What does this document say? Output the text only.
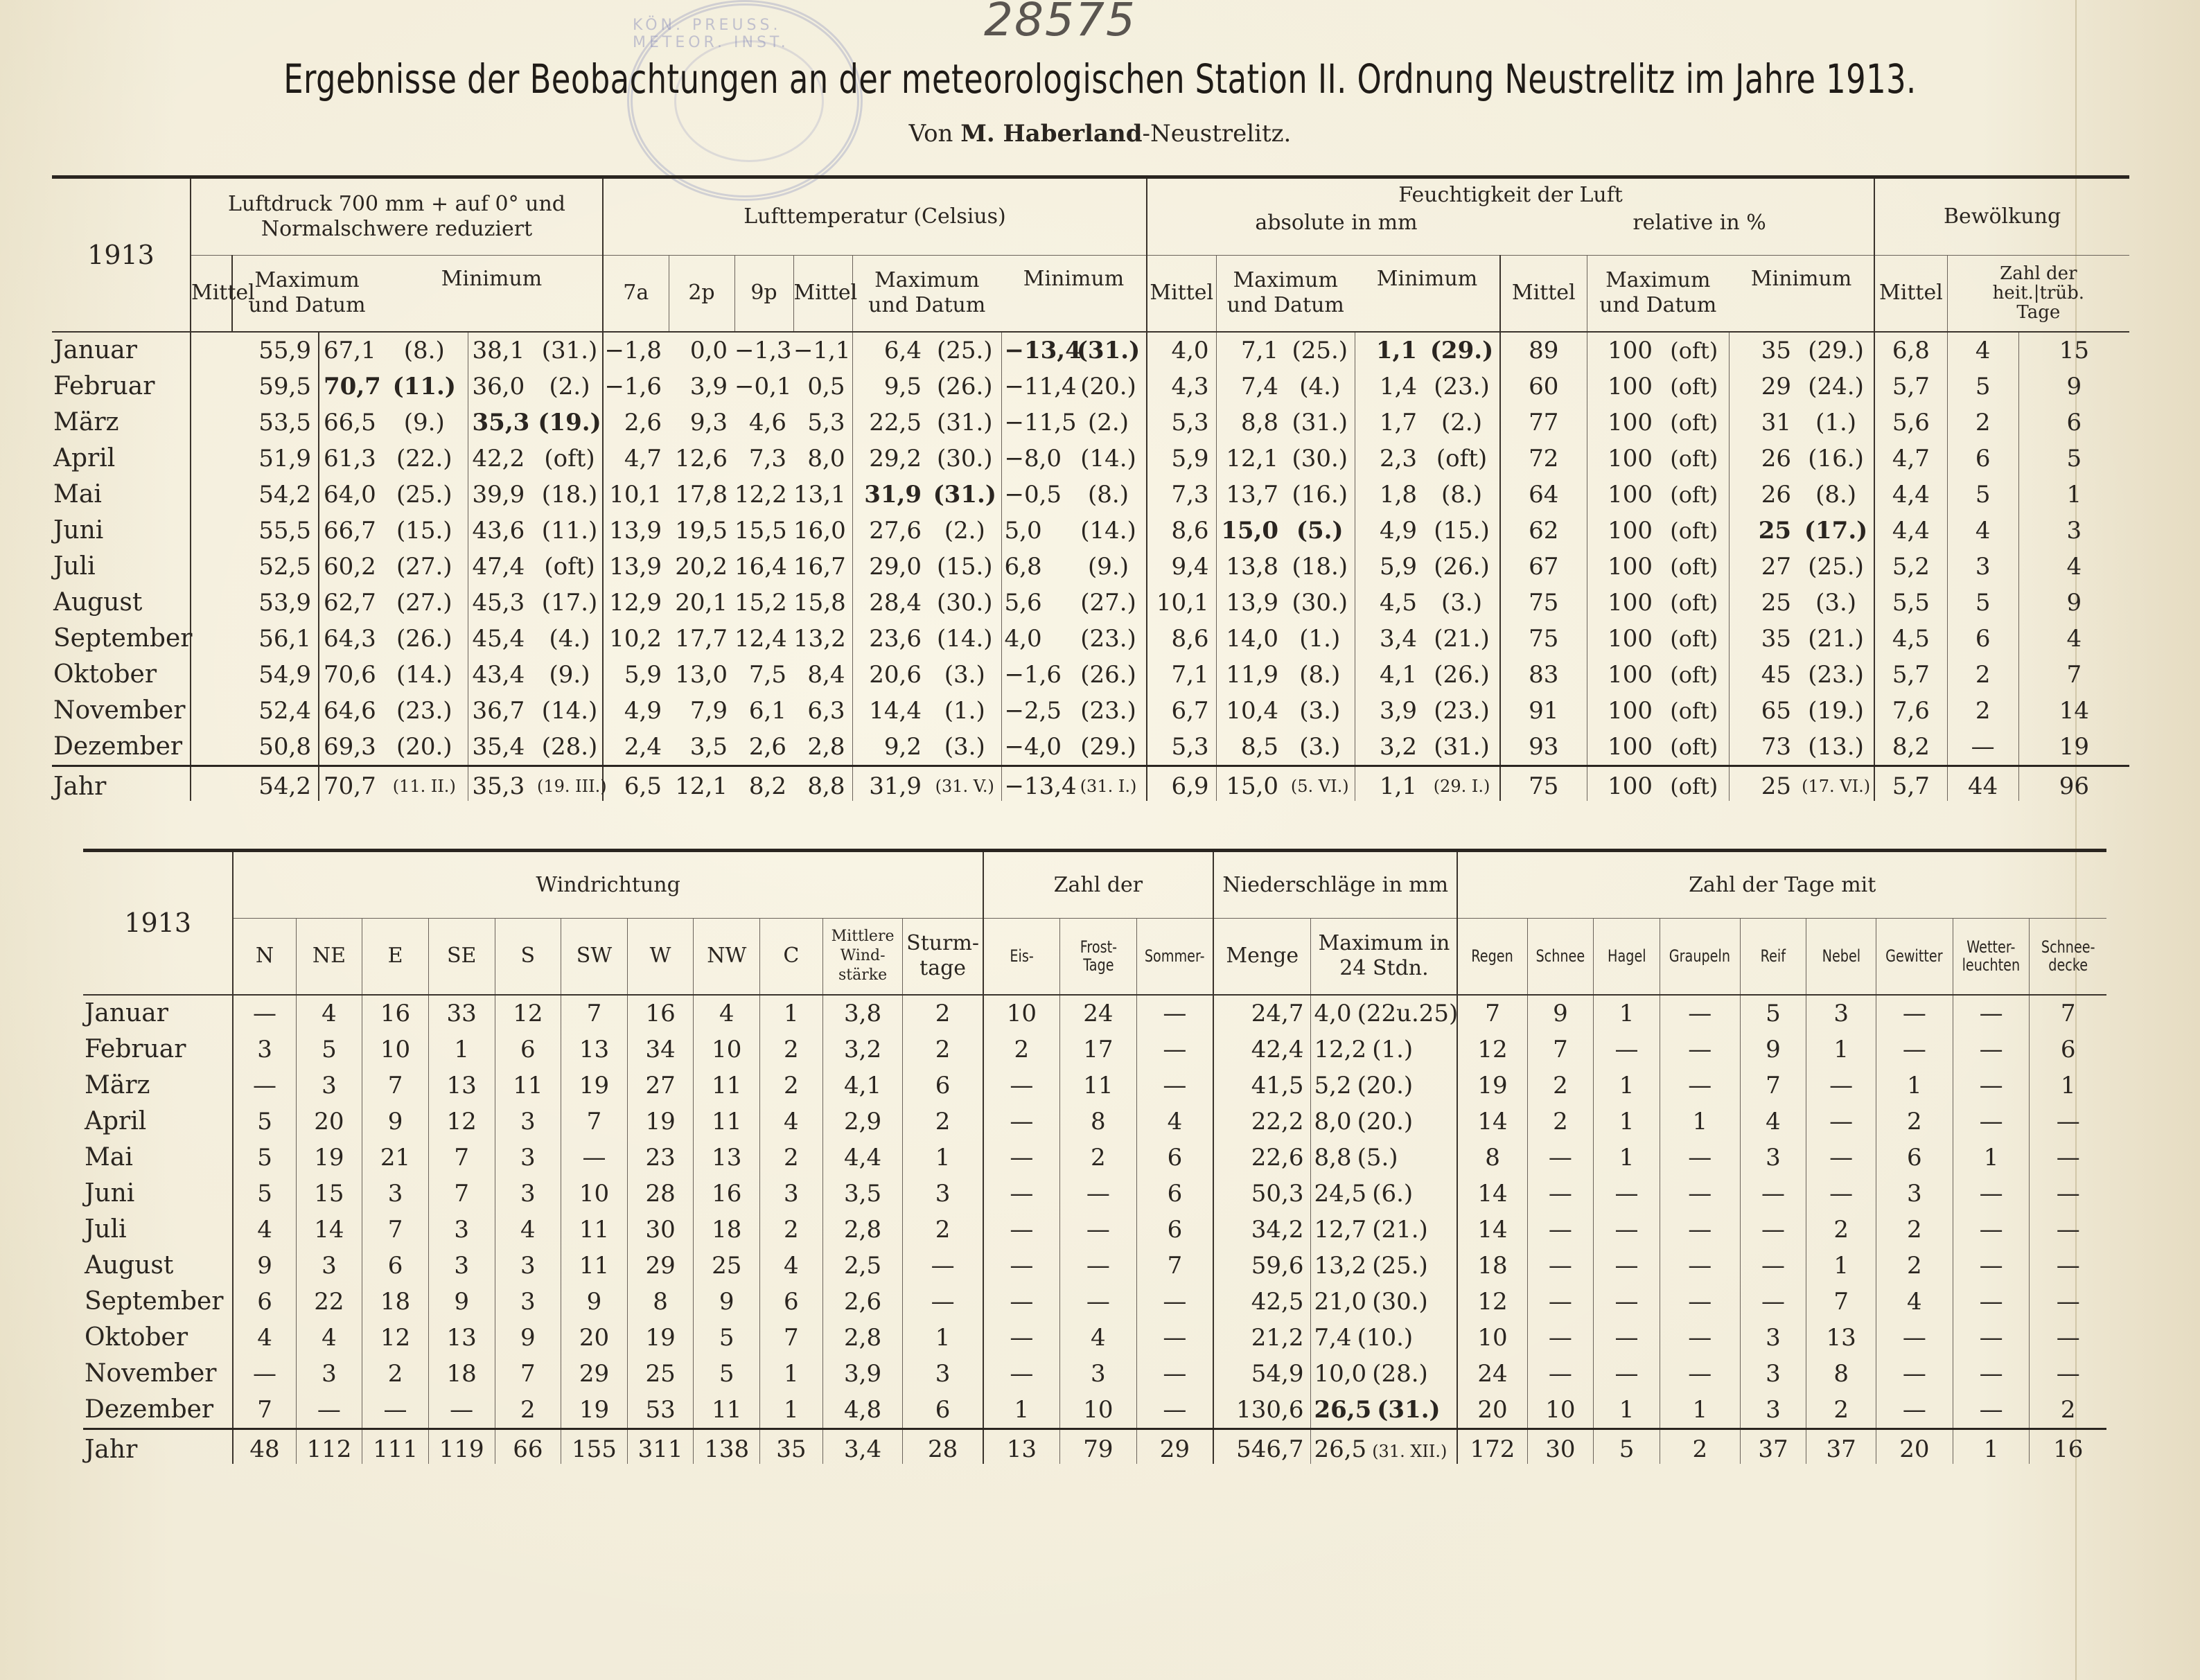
KÖN. PREUSS. METEOR. INST.	28575
Ergebnisse der Beobachtungen an der meteorologischen Station II. Ordnung Neustrelitz im Jahre 1913.
Von M. Haberland-Neustrelitz.
1913	Luftdruck 700 mm + auf 0° und Normalschwere reduziert						Lufttemperatur (Celsius)								Feuchtigkeit der Luft
absolute in mm relative in %										Bewölkung		
	Mittel	Maximum
und Datum		Minimum			7a	2p	9p	Mittel	Maximum
und Datum		Minimum		Mittel	Maximum
und Datum		Minimum		Mittel	Maximum
und Datum		Minimum		Mittel	Zahl der
heit.|trüb.
Tage	
Januar	55,9		67,1	(8.)	38,1	(31.)	−1,8	0,0	−1,3	−1,1	6,4	(25.)	−13,4	(31.)	4,0	7,1	(25.)	1,1	(29.)	89	100	(oft)	35	(29.)	6,8	4	15
Februar	59,5		70,7	(11.)	36,0	(2.)	−1,6	3,9	−0,1	0,5	9,5	(26.)	−11,4	(20.)	4,3	7,4	(4.)	1,4	(23.)	60	100	(oft)	29	(24.)	5,7	5	9
März	53,5		66,5	(9.)	35,3	(19.)	2,6	9,3	4,6	5,3	22,5	(31.)	−11,5	(2.)	5,3	8,8	(31.)	1,7	(2.)	77	100	(oft)	31	(1.)	5,6	2	6
April	51,9		61,3	(22.)	42,2	(oft)	4,7	12,6	7,3	8,0	29,2	(30.)	−8,0	(14.)	5,9	12,1	(30.)	2,3	(oft)	72	100	(oft)	26	(16.)	4,7	6	5
Mai	54,2		64,0	(25.)	39,9	(18.)	10,1	17,8	12,2	13,1	31,9	(31.)	−0,5	(8.)	7,3	13,7	(16.)	1,8	(8.)	64	100	(oft)	26	(8.)	4,4	5	1
Juni	55,5		66,7	(15.)	43,6	(11.)	13,9	19,5	15,5	16,0	27,6	(2.)	5,0	(14.)	8,6	15,0	(5.)	4,9	(15.)	62	100	(oft)	25	(17.)	4,4	4	3
Juli	52,5		60,2	(27.)	47,4	(oft)	13,9	20,2	16,4	16,7	29,0	(15.)	6,8	(9.)	9,4	13,8	(18.)	5,9	(26.)	67	100	(oft)	27	(25.)	5,2	3	4
August	53,9		62,7	(27.)	45,3	(17.)	12,9	20,1	15,2	15,8	28,4	(30.)	5,6	(27.)	10,1	13,9	(30.)	4,5	(3.)	75	100	(oft)	25	(3.)	5,5	5	9
September	56,1		64,3	(26.)	45,4	(4.)	10,2	17,7	12,4	13,2	23,6	(14.)	4,0	(23.)	8,6	14,0	(1.)	3,4	(21.)	75	100	(oft)	35	(21.)	4,5	6	4
Oktober	54,9		70,6	(14.)	43,4	(9.)	5,9	13,0	7,5	8,4	20,6	(3.)	−1,6	(26.)	7,1	11,9	(8.)	4,1	(26.)	83	100	(oft)	45	(23.)	5,7	2	7
November	52,4		64,6	(23.)	36,7	(14.)	4,9	7,9	6,1	6,3	14,4	(1.)	−2,5	(23.)	6,7	10,4	(3.)	3,9	(23.)	91	100	(oft)	65	(19.)	7,6	2	14
Dezember	50,8		69,3	(20.)	35,4	(28.)	2,4	3,5	2,6	2,8	9,2	(3.)	−4,0	(29.)	5,3	8,5	(3.)	3,2	(31.)	93	100	(oft)	73	(13.)	8,2	—	19
Jahr	54,2		70,7	(11. II.)	35,3	(19. III.)	6,5	12,1	8,2	8,8	31,9	(31. V.)	−13,4	(31. I.)	6,9	15,0	(5. VI.)	1,1	(29. I.)	75	100	(oft)	25	(17. VI.)	5,7	44	96
1913	Windrichtung											Zahl der			Niederschläge in mm		Zahl der Tage mit								
	N	NE	E	SE	S	SW	W	NW	C	Mittlere Wind- stärke	Sturm- tage	Eis-	Frost-
Tage	Sommer-	Menge	Maximum in 24 Stdn.	Regen	Schnee	Hagel	Graupeln	Reif	Nebel	Gewitter	Wetter- leuchten	Schnee- decke
Januar	—	4	16	33	12	7	16	4	1	3,8	2	10	24	—	24,7	4,0 (22u.25)	7	9	1	—	5	3	—	—	7
Februar	3	5	10	1	6	13	34	10	2	3,2	2	2	17	—	42,4	12,2 (1.)	12	7	—	—	9	1	—	—	6
März	—	3	7	13	11	19	27	11	2	4,1	6	—	11	—	41,5	5,2 (20.)	19	2	1	—	7	—	1	—	1
April	5	20	9	12	3	7	19	11	4	2,9	2	—	8	4	22,2	8,0 (20.)	14	2	1	1	4	—	2	—	—
Mai	5	19	21	7	3	—	23	13	2	4,4	1	—	2	6	22,6	8,8 (5.)	8	—	1	—	3	—	6	1	—
Juni	5	15	3	7	3	10	28	16	3	3,5	3	—	—	6	50,3	24,5 (6.)	14	—	—	—	—	—	3	—	—
Juli	4	14	7	3	4	11	30	18	2	2,8	2	—	—	6	34,2	12,7 (21.)	14	—	—	—	—	2	2	—	—
August	9	3	6	3	3	11	29	25	4	2,5	—	—	—	7	59,6	13,2 (25.)	18	—	—	—	—	1	2	—	—
September	6	22	18	9	3	9	8	9	6	2,6	—	—	—	—	42,5	21,0 (30.)	12	—	—	—	—	7	4	—	—
Oktober	4	4	12	13	9	20	19	5	7	2,8	1	—	4	—	21,2	7,4 (10.)	10	—	—	—	3	13	—	—	—
November	—	3	2	18	7	29	25	5	1	3,9	3	—	3	—	54,9	10,0 (28.)	24	—	—	—	3	8	—	—	—
Dezember	7	—	—	—	2	19	53	11	1	4,8	6	1	10	—	130,6	26,5 (31.)	20	10	1	1	3	2	—	—	2
Jahr	48	112	111	119	66	155	311	138	35	3,4	28	13	79	29	546,7	26,5 (31. XII.)	172	30	5	2	37	37	20	1	16
